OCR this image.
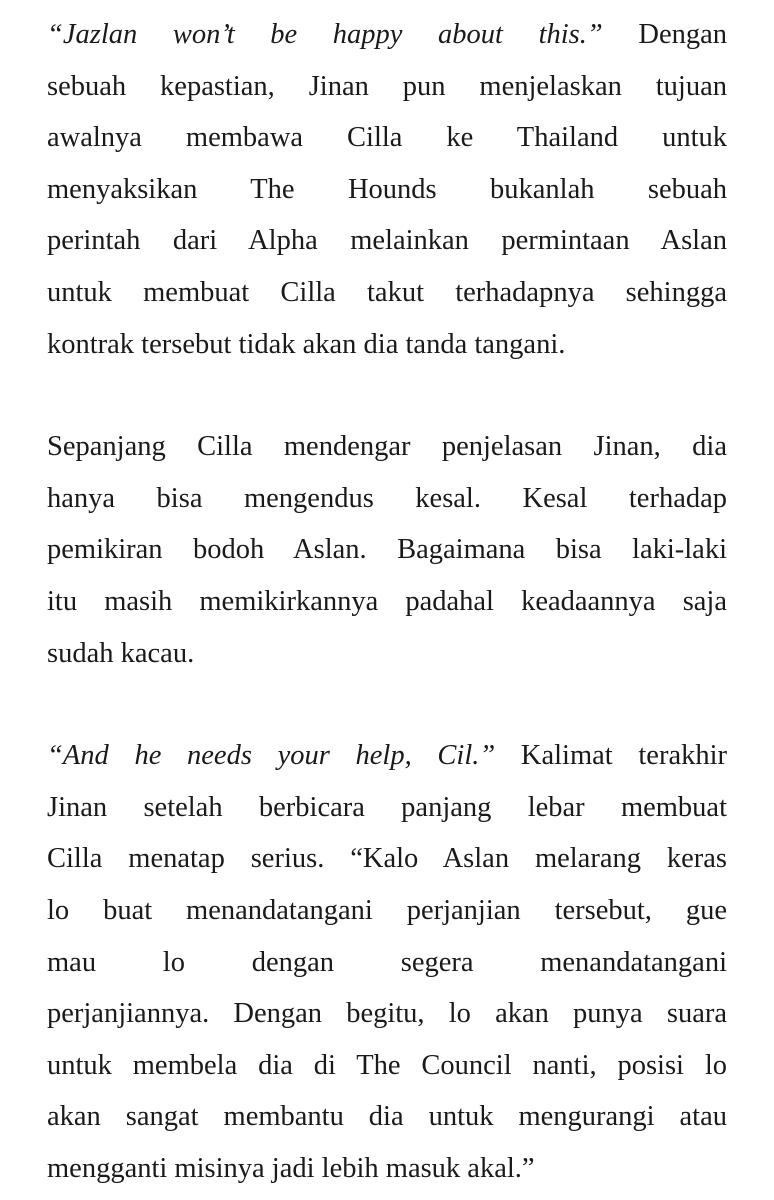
“Jazlan won’t be happy about this.” Dengan
sebuah kepastian, Jinan pun menjelaskan tujuan
awalnya membawa Cilla ke Thailand untuk
menyaksikan The Hounds bukanlah sebuah
perintah dari Alpha melainkan permintaan Aslan
untuk membuat Cilla takut terhadapnya sehingga
kontrak tersebut tidak akan dia tanda tangani.

Sepanjang Cilla mendengar penjelasan Jinan, dia
hanya bisa mengendus kesal. Kesal terhadap
pemikiran bodoh Aslan. Bagaimana bisa laki-laki
itu masih memikirkannya padahal keadaannya saja
sudah kacau.

“And he needs your help, Cil.” Kalimat terakhir
Jinan setelah berbicara panjang lebar membuat
Cilla menatap serius. “Kalo Aslan melarang keras
lo buat menandatangani perjanjian tersebut, gue
mau lo dengan segera menandatangani
perjanjiannya. Dengan begitu, lo akan punya suara
untuk membela dia di The Council nanti, posisi lo
akan sangat membantu dia untuk mengurangi atau
mengganti misinya jadi lebih masuk akal.”
